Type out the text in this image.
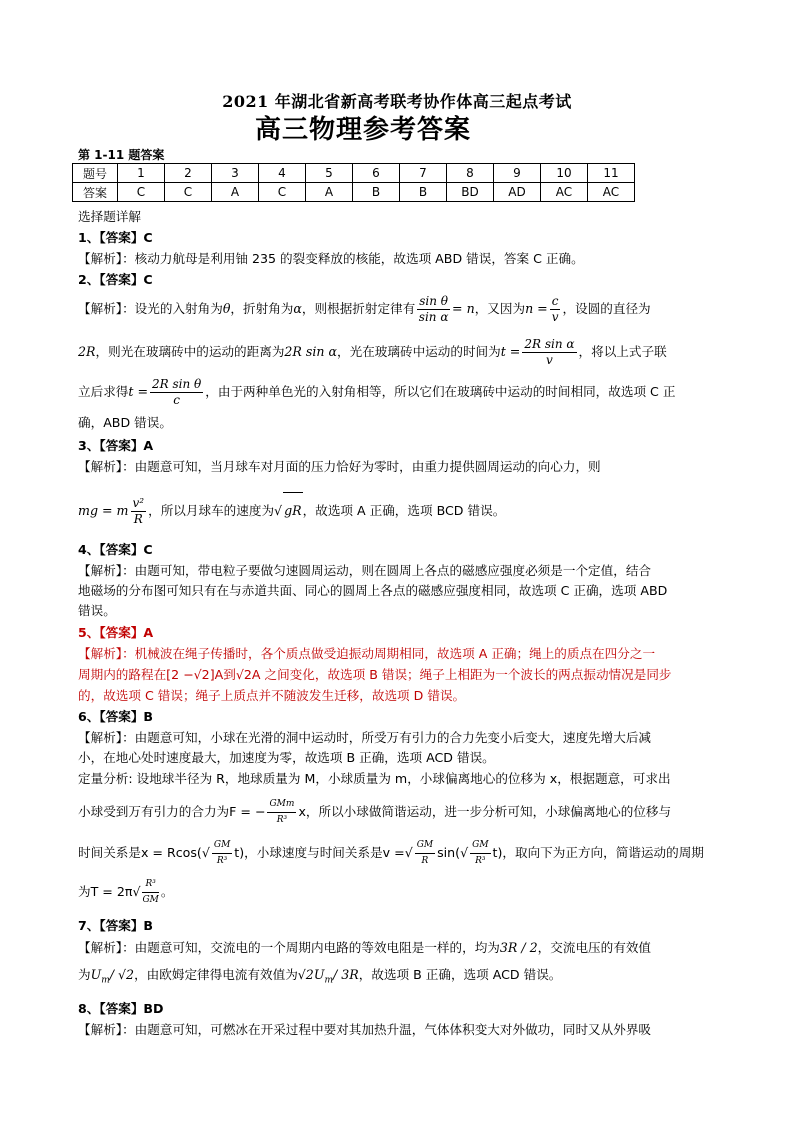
2021 年湖北省新高考联考协作体高三起点考试
高三物理参考答案
第 1-11 题答案
题号	1	2	3	4	5	6	7	8	9	10	11
答案	C	C	A	C	A	B	B	BD	AD	AC	AC
选择题详解
1、【答案】C
【解析】：核动力航母是利用铀 235 的裂变释放的核能，故选项 ABD 错误，答案 C 正确。
2、【答案】C
【解析】：设光的入射角为θ，折射角为α，则根据折射定律有 $\frac{\text{sin θ}}{\text{sin α}} = n$，又因为$n = \frac{c}{v}$ ，设圆的直径为
2R，则光在玻璃砖中的运动的距离为2R sin α，光在玻璃砖中运动的时间为$t = \frac{\text{2R sin α}}{v}$ ，将以上式子联
立后求得$t = \frac{\text{2R sin θ}}{c}$ ，由于两种单色光的入射角相等，所以它们在玻璃砖中运动的时间相同，故选项 C 正
确，ABD 错误。
3、【答案】A
【解析】：由题意可知，当月球车对月面的压力恰好为零时，由重力提供圆周运动的向心力，则
mg = m $\frac{\text{v²}}{R}$ ，所以月球车的速度为√ gR，故选项 A 正确，选项 BCD 错误。
4、【答案】C
【解析】：由题可知，带电粒子要做匀速圆周运动，则在圆周上各点的磁感应强度必须是一个定值，结合
地磁场的分布图可知只有在与赤道共面、同心的圆周上各点的磁感应强度相同，故选项 C 正确，选项 ABD
错误。
5、【答案】A
【解析】：机械波在绳子传播时，各个质点做受迫振动周期相同，故选项 A 正确；绳上的质点在四分之一
周期内的路程在[2 −√2]A到√2A 之间变化，故选项 B 错误；绳子上相距为一个波长的两点振动情况是同步
的，故选项 C 错误；绳子上质点并不随波发生迁移，故选项 D 错误。
6、【答案】B
【解析】：由题意可知，小球在光滑的洞中运动时，所受万有引力的合力先变小后变大，速度先增大后减
小，在地心处时速度最大，加速度为零，故选项 B 正确，选项 ACD 错误。
定量分析: 设地球半径为 R，地球质量为 M，小球质量为 m，小球偏离地心的位移为 x，根据题意，可求出
小球受到万有引力的合力为F = − $\frac{\text{GMm}}{\text{R³}}$ x，所以小球做简谐运动，进一步分析可知，小球偏离地心的位移与
时间关系是$x = Rcos(√ \frac{GM}{\text{R³}} t)$，小球速度与时间关系是v =√ $\frac{GM}{R} \sin(√ \frac{GM}{\text{R³}} t)$，取向下为正方向，简谐运动的周期
为$T = 2\pi√ \frac{\text{R³}}{GM}$ 。
7、【答案】B
【解析】：由题意可知，交流电的一个周期内电路的等效电阻是一样的，均为3R / 2，交流电压的有效值
为$U_m/$ √2，由欧姆定律得电流有效值为$√2U_m/$ 3R，故选项 B 正确，选项 ACD 错误。
8、【答案】BD
【解析】：由题意可知，可燃冰在开采过程中要对其加热升温，气体体积变大对外做功，同时又从外界吸
